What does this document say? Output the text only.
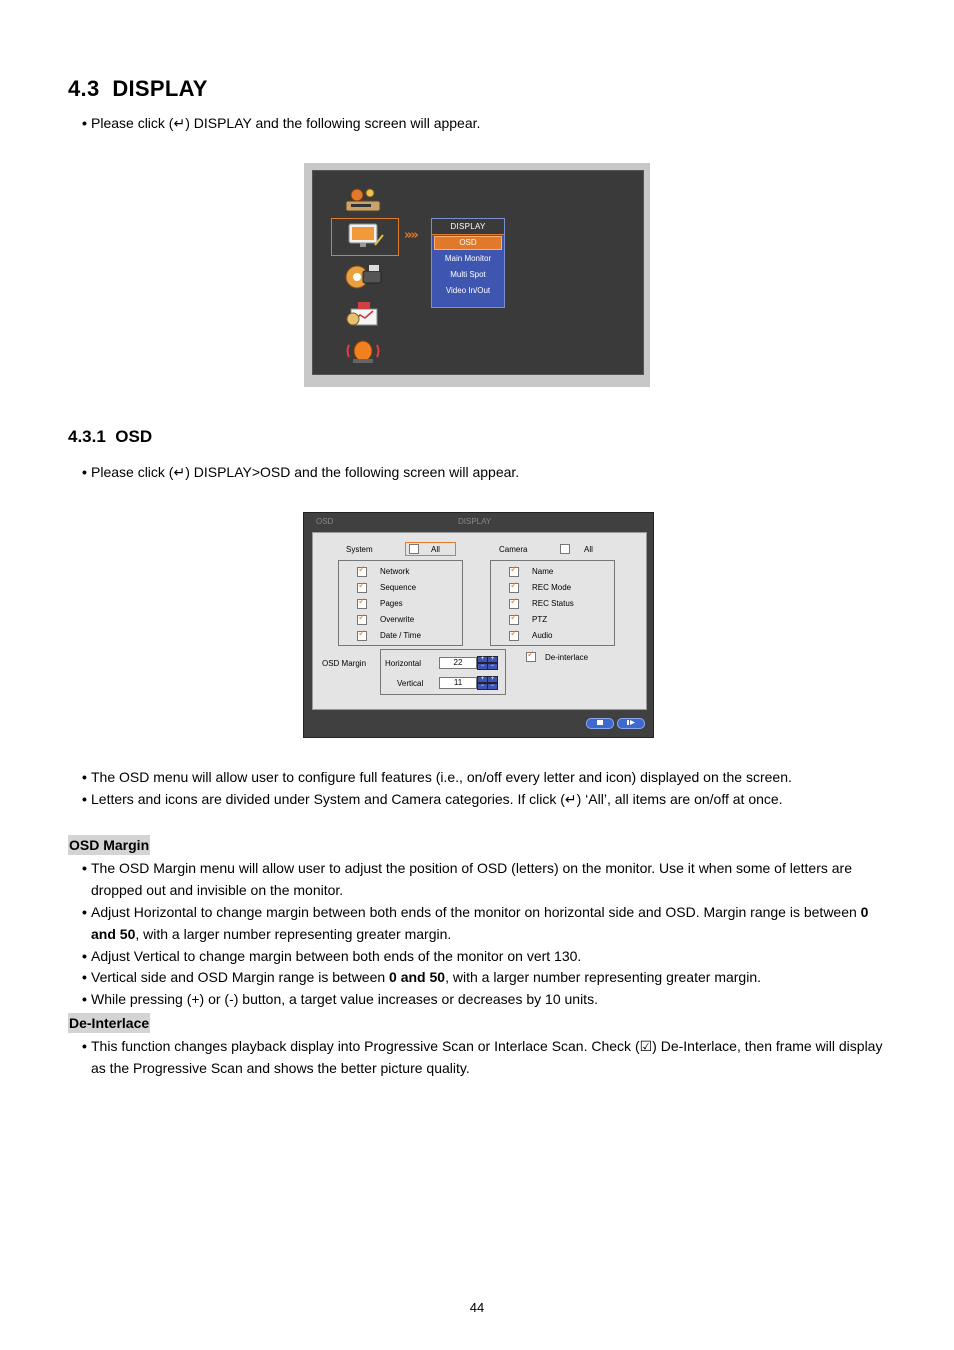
4.3 DISPLAY
• Please click (↵) DISPLAY and the following screen will appear.
»»
DISPLAY
OSD
Main Monitor
Multi Spot
Video In/Out
4.3.1 OSD
• Please click (↵) DISPLAY>OSD and the following screen will appear.
OSD	DISPLAY
System	All	Camera	All
✓
Network
✓
Sequence
✓
Pages
✓
Overwrite
✓
Date / Time
✓
Name
✓
REC Mode
✓
REC Status
✓
PTZ
✓
Audio
✓
De-interlace
OSD Margin Horizontal	22	+	+
−	−
Vertical	11	+	+
−	−
• The OSD menu will allow user to configure full features (i.e., on/off every letter and icon) displayed on the screen.
• Letters and icons are divided under System and Camera categories. If click (↵) ‘All’, all items are on/off at once.
OSD Margin
• The OSD Margin menu will allow user to adjust the position of OSD (letters) on the monitor. Use it when some of letters are dropped out and invisible on the monitor.
• Adjust Horizontal to change margin between both ends of the monitor on horizontal side and OSD. Margin range is between 0 and 50, with a larger number representing greater margin.
• Adjust Vertical to change margin between both ends of the monitor on vert 130.
• Vertical side and OSD Margin range is between 0 and 50, with a larger number representing greater margin.
• While pressing (+) or (-) button, a target value increases or decreases by 10 units.
De-Interlace
• This function changes playback display into Progressive Scan or Interlace Scan. Check (☑) De-Interlace, then frame will display as the Progressive Scan and shows the better picture quality.
44
